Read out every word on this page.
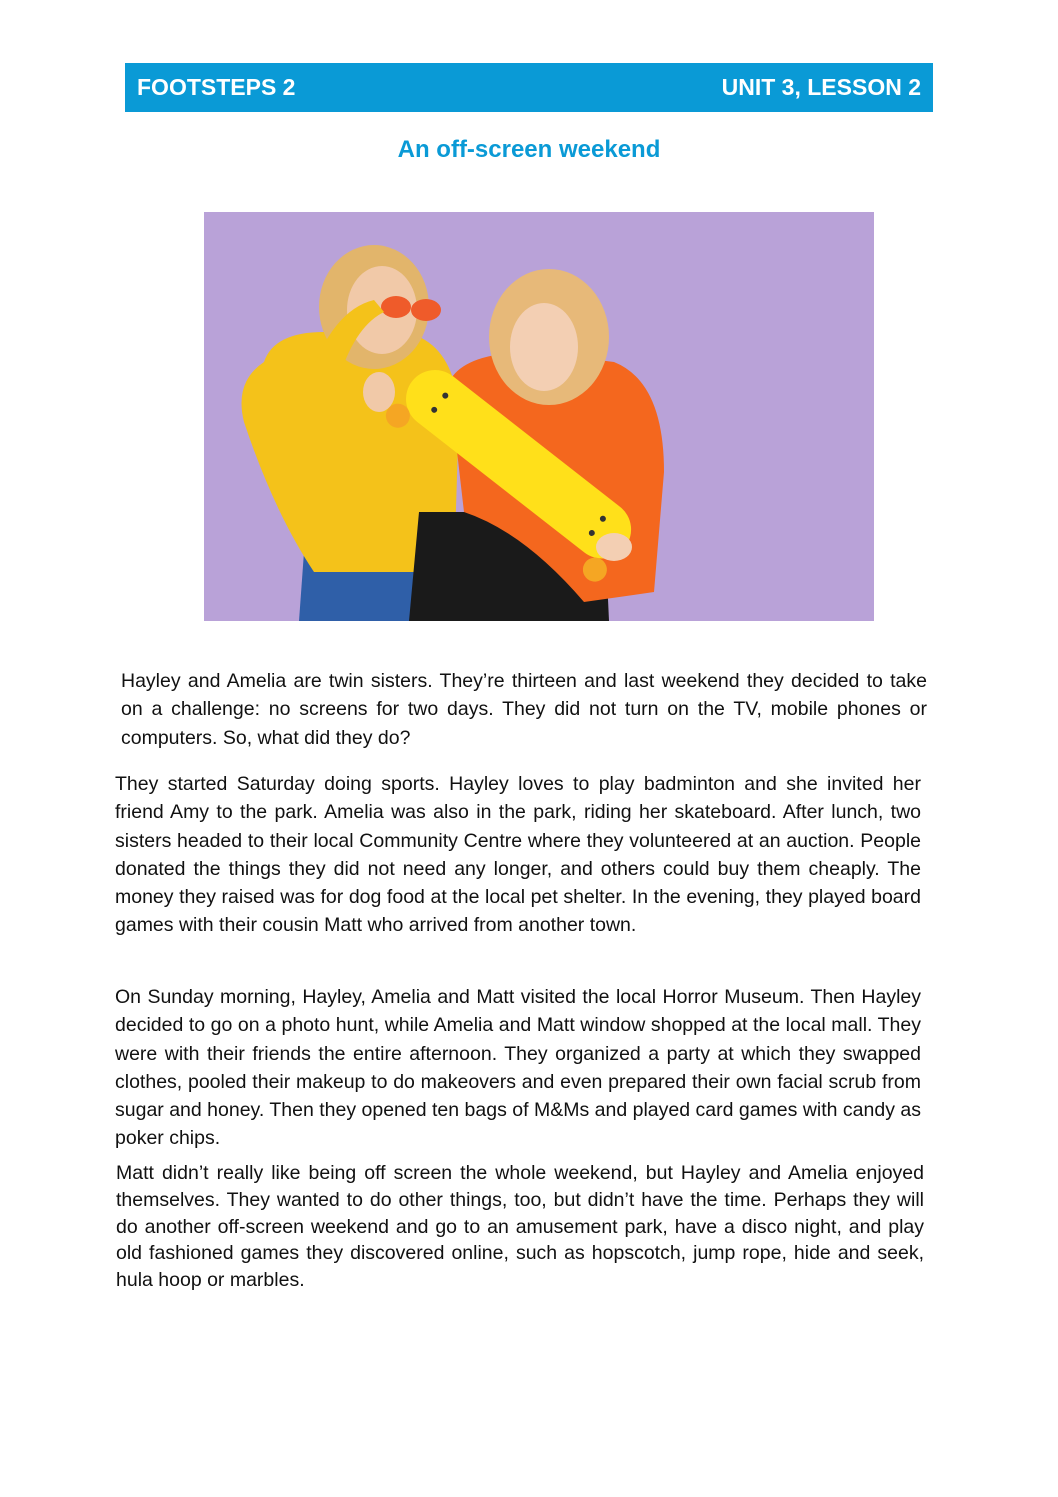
FOOTSTEPS 2	UNIT 3, LESSON 2
An off-screen weekend

Hayley and Amelia are twin sisters. They’re thirteen and last weekend they decided to take on a challenge: no screens for two days. They did not turn on the TV, mobile phones or computers. So, what did they do?

They started Saturday doing sports. Hayley loves to play badminton and she invited her friend Amy to the park. Amelia was also in the park, riding her skateboard. After lunch, two sisters headed to their local Community Centre where they volunteered at an auction. People donated the things they did not need any longer, and others could buy them cheaply. The money they raised was for dog food at the local pet shelter. In the evening, they played board games with their cousin Matt who arrived from another town.

On Sunday morning, Hayley, Amelia and Matt visited the local Horror Museum. Then Hayley decided to go on a photo hunt, while Amelia and Matt window shopped at the local mall. They were with their friends the entire afternoon. They organized a party at which they swapped clothes, pooled their makeup to do makeovers and even prepared their own facial scrub from sugar and honey. Then they opened ten bags of M&Ms and played card games with candy as poker chips.

Matt didn’t really like being off screen the whole weekend, but Hayley and Amelia enjoyed themselves. They wanted to do other things, too, but didn’t have the time. Perhaps they will do another off-screen weekend and go to an amusement park, have a disco night, and play old fashioned games they discovered online, such as hopscotch, jump rope, hide and seek, hula hoop or marbles.
